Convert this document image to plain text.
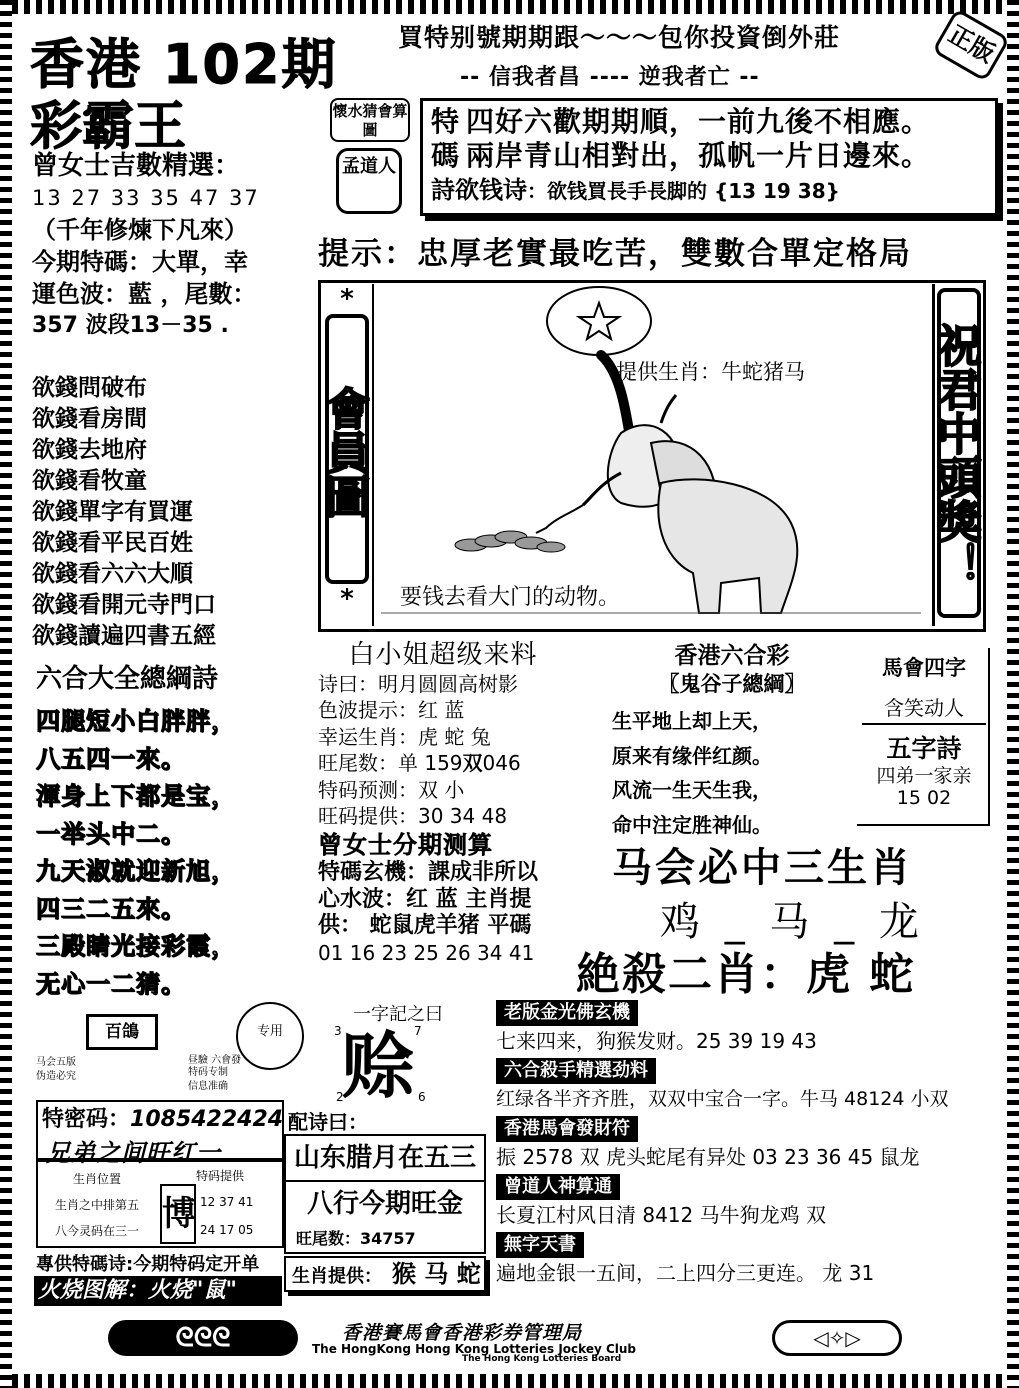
香港 102期
彩霸王
買特别號期期跟～～～包你投資倒外莊	正版
-- 信我者昌 ---- 逆我者亡 --
曾女士吉數精選：
13 27 33 35 47 37
（千年修煉下凡來）
今期特碼：大單，幸
運色波：藍 ，尾數：
357 波段13－35 .
欲錢問破布
欲錢看房間
欲錢去地府
欲錢看牧童
欲錢單字有買運
欲錢看平民百姓
欲錢看六六大順
欲錢看開元寺門口
欲錢讀遍四書五經
六合大全總綱詩
四腿短小白胖胖，
八五四一來。
渾身上下都是宝，
一举头中二。
九天淑就迎新旭，
四三二五來。
三殿睛光接彩霞，
无心一二猜。
懷水猜會算圖
孟道人
特 四好六歡期期順，一前九後不相應。
碼 兩岸青山相對出，孤帆一片日邊來。
詩欲钱诗：欲钱買長手長脚的 {13 19 38}
提示：忠厚老實最吃苦，雙數合單定格局
*
會員圖
*
祝君中頭獎！
提供生肖：牛蛇猪马
要钱去看大门的动物。
白小姐超级来料
诗曰：明月圆圆高树影
色波提示：红 蓝
幸运生肖：虎 蛇 兔
旺尾数：单 159双046
特码预测：双 小
旺码提供：30 34 48
曾女士分期测算
特碼玄機：課成非所以
心水波：红 蓝 主肖提
供： 蛇鼠虎羊猪 平碼
01 16 23 25 26 34 41
香港六合彩
〖鬼谷子總綱〗
生平地上却上天，
原来有缘伴红颜。
风流一生天生我，
命中注定胜神仙。
馬會四字
含笑动人
五字詩
四弟一家亲
15 02
马会必中三生肖
鸡 _ 马 _ 龙
絶殺二肖：虎 蛇
百鴿
昼驗 六會發
专用
马会五版
伪造必究	特码专制
信息准确
特密码：1085422424
兄弟之间旺红一
生肖位置
生肖之中排第五
八今灵码在三一
特码提供
博 12 37 41
24 17 05
專供特碼诗:今期特码定开单
火烧图解：火烧"鼠"
一字記之曰
赊
3	7
2	6
配诗曰：
山东腊月在五三
八行今期旺金
旺尾数：34757
生肖提供： 猴 马 蛇
老版金光佛玄機
七来四来，狗猴发财。25 39 19 43
六合殺手精選劲料
红绿各半齐齐胜，双双中宝合一字。牛马 48124 小双
香港馬會發財符
振 2578 双 虎头蛇尾有异处 03 23 36 45 鼠龙
曾道人神算通
长夏江村风日清 8412 马牛狗龙鸡 双
無字天書
遍地金银一五间，二上四分三更连。 龙 31
ᘓᘓᘓ	香港賽馬會香港彩券管理局
The HongKong Hong Kong Lotteries Jockey Club
The Hong Kong Lotteries Board
◁✧▷
